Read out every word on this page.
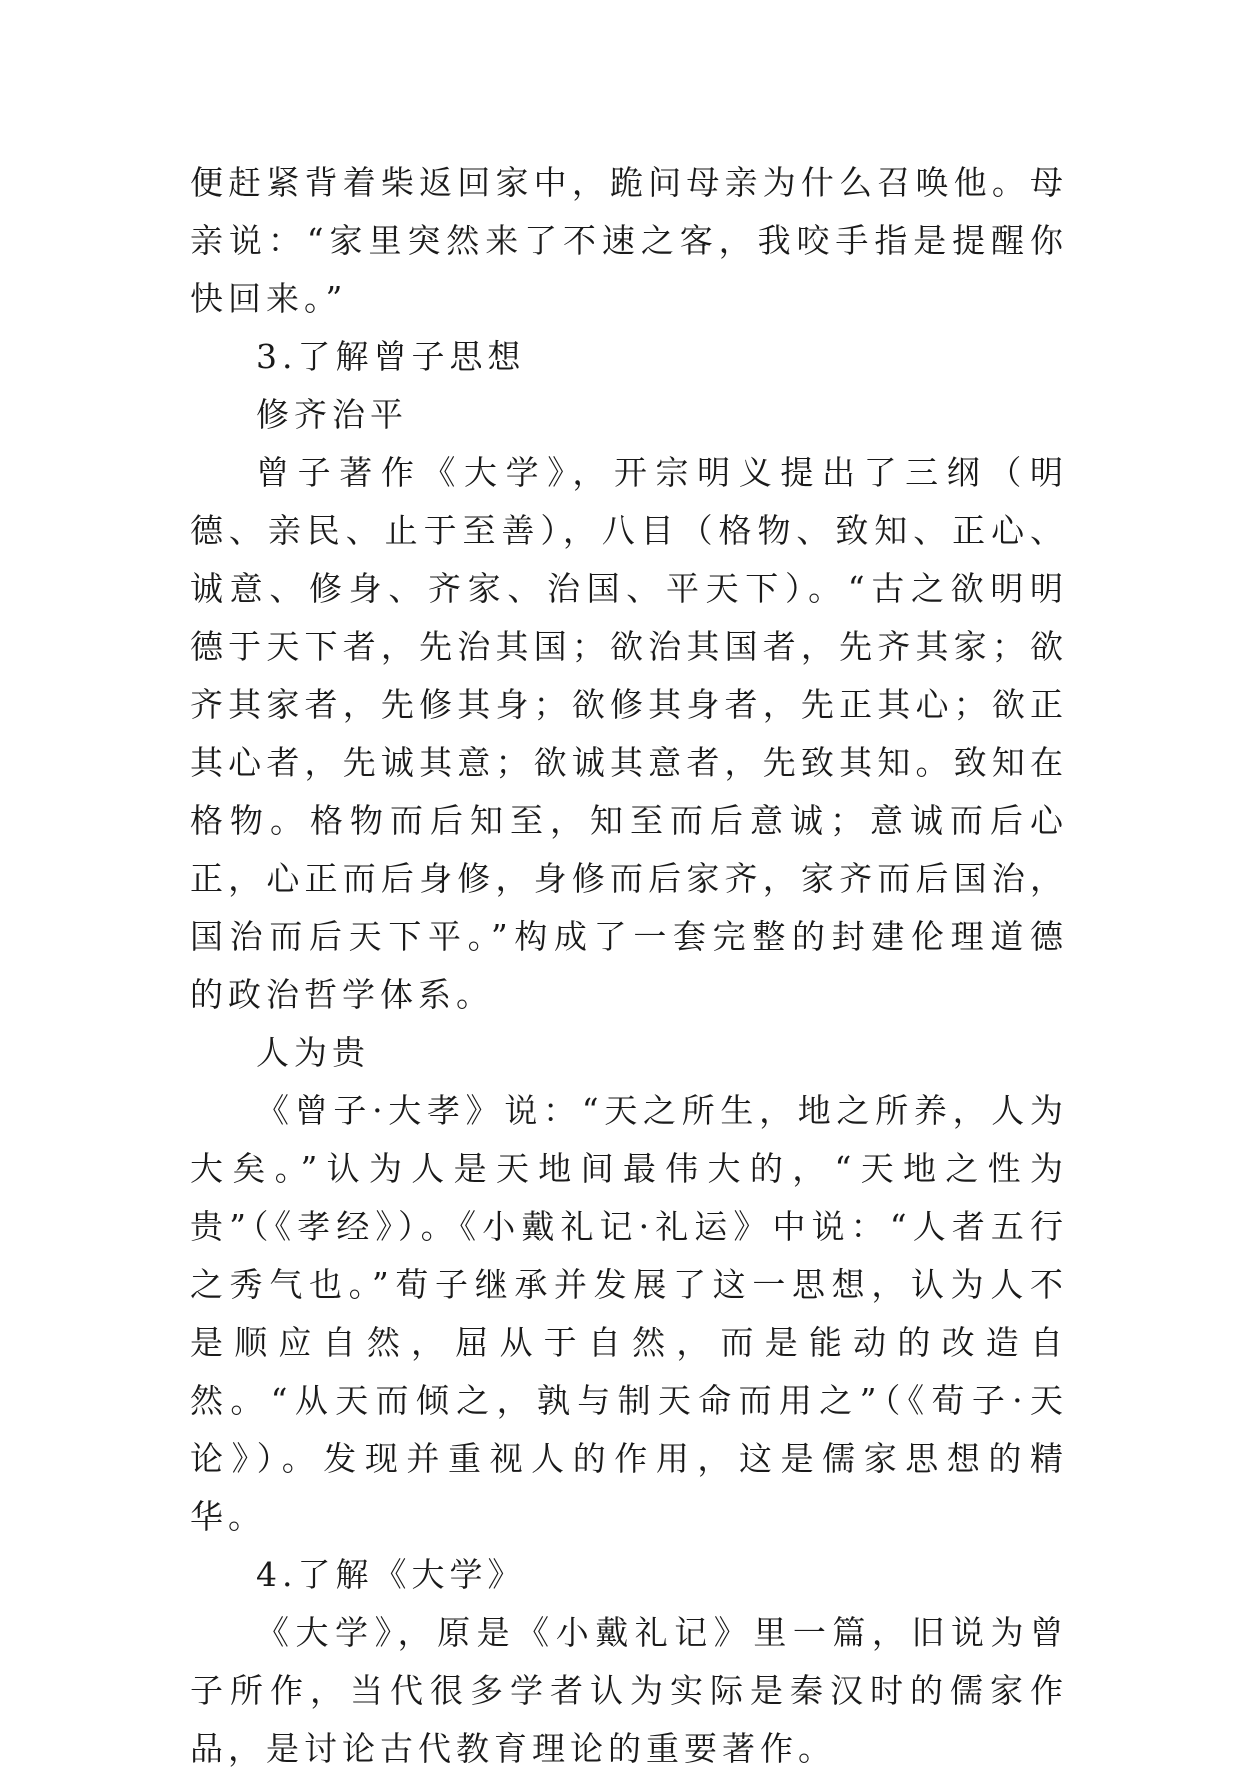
便赶紧背着柴返回家中，跪问母亲为什么召唤他。母亲说：“家里突然来了不速之客，我咬手指是提醒你快回来。”

3.了解曾子思想

修齐治平

曾子著作《大学》，开宗明义提出了三纲（明德、亲民、止于至善），八目（格物、致知、正心、诚意、修身、齐家、治国、平天下）。“古之欲明明德于天下者，先治其国；欲治其国者，先齐其家；欲齐其家者，先修其身；欲修其身者，先正其心；欲正其心者，先诚其意；欲诚其意者，先致其知。致知在格物。格物而后知至，知至而后意诚；意诚而后心正，心正而后身修，身修而后家齐，家齐而后国治，国治而后天下平。”构成了一套完整的封建伦理道德的政治哲学体系。

人为贵

《曾子·大孝》说：“天之所生，地之所养，人为大矣。”认为人是天地间最伟大的，“天地之性为贵”（《孝经》）。《小戴礼记·礼运》中说：“人者五行之秀气也。”荀子继承并发展了这一思想，认为人不是顺应自然，屈从于自然，而是能动的改造自然。“从天而倾之，孰与制天命而用之”（《荀子·天论》）。发现并重视人的作用，这是儒家思想的精华。

4.了解《大学》

《大学》，原是《小戴礼记》里一篇，旧说为曾子所作，当代很多学者认为实际是秦汉时的儒家作品，是讨论古代教育理论的重要著作。
